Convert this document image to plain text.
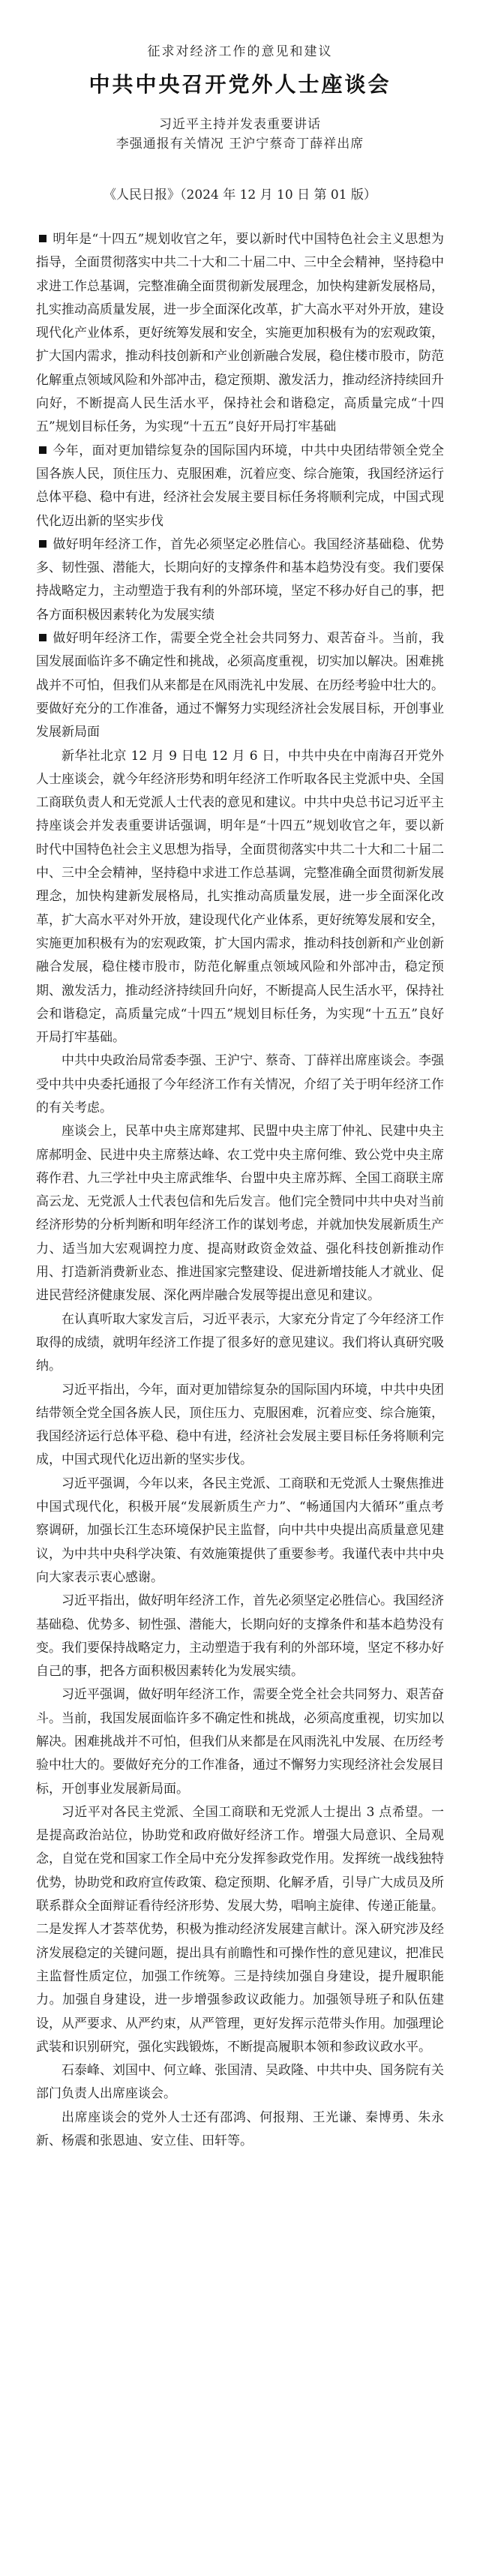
征求对经济工作的意见和建议

中共中央召开党外人士座谈会

习近平主持并发表重要讲话

李强通报有关情况 王沪宁蔡奇丁薛祥出席

《人民日报》（2024 年 12 月 10 日 第 01 版）

明年是“十四五”规划收官之年，要以新时代中国特色社会主义思想为指导，全面贯彻落实中共二十大和二十届二中、三中全会精神，坚持稳中求进工作总基调，完整准确全面贯彻新发展理念，加快构建新发展格局，扎实推动高质量发展，进一步全面深化改革，扩大高水平对外开放，建设现代化产业体系，更好统筹发展和安全，实施更加积极有为的宏观政策，扩大国内需求，推动科技创新和产业创新融合发展，稳住楼市股市，防范化解重点领域风险和外部冲击，稳定预期、激发活力，推动经济持续回升向好，不断提高人民生活水平，保持社会和谐稳定，高质量完成“十四五”规划目标任务，为实现“十五五”良好开局打牢基础

今年，面对更加错综复杂的国际国内环境，中共中央团结带领全党全国各族人民，顶住压力、克服困难，沉着应变、综合施策，我国经济运行总体平稳、稳中有进，经济社会发展主要目标任务将顺利完成，中国式现代化迈出新的坚实步伐

做好明年经济工作，首先必须坚定必胜信心。我国经济基础稳、优势多、韧性强、潜能大，长期向好的支撑条件和基本趋势没有变。我们要保持战略定力，主动塑造于我有利的外部环境，坚定不移办好自己的事，把各方面积极因素转化为发展实绩

做好明年经济工作，需要全党全社会共同努力、艰苦奋斗。当前，我国发展面临许多不确定性和挑战，必须高度重视，切实加以解决。困难挑战并不可怕，但我们从来都是在风雨洗礼中发展、在历经考验中壮大的。要做好充分的工作准备，通过不懈努力实现经济社会发展目标，开创事业发展新局面

新华社北京 12 月 9 日电 12 月 6 日，中共中央在中南海召开党外人士座谈会，就今年经济形势和明年经济工作听取各民主党派中央、全国工商联负责人和无党派人士代表的意见和建议。中共中央总书记习近平主持座谈会并发表重要讲话强调，明年是“十四五”规划收官之年，要以新时代中国特色社会主义思想为指导，全面贯彻落实中共二十大和二十届二中、三中全会精神，坚持稳中求进工作总基调，完整准确全面贯彻新发展理念，加快构建新发展格局，扎实推动高质量发展，进一步全面深化改革，扩大高水平对外开放，建设现代化产业体系，更好统筹发展和安全，实施更加积极有为的宏观政策，扩大国内需求，推动科技创新和产业创新融合发展，稳住楼市股市，防范化解重点领域风险和外部冲击，稳定预期、激发活力，推动经济持续回升向好，不断提高人民生活水平，保持社会和谐稳定，高质量完成“十四五”规划目标任务，为实现“十五五”良好开局打牢基础。

中共中央政治局常委李强、王沪宁、蔡奇、丁薛祥出席座谈会。李强受中共中央委托通报了今年经济工作有关情况，介绍了关于明年经济工作的有关考虑。

座谈会上，民革中央主席郑建邦、民盟中央主席丁仲礼、民建中央主席郝明金、民进中央主席蔡达峰、农工党中央主席何维、致公党中央主席蒋作君、九三学社中央主席武维华、台盟中央主席苏辉、全国工商联主席高云龙、无党派人士代表包信和先后发言。他们完全赞同中共中央对当前经济形势的分析判断和明年经济工作的谋划考虑，并就加快发展新质生产力、适当加大宏观调控力度、提高财政资金效益、强化科技创新推动作用、打造新消费新业态、推进国家完整建设、促进新增技能人才就业、促进民营经济健康发展、深化两岸融合发展等提出意见和建议。

在认真听取大家发言后，习近平表示，大家充分肯定了今年经济工作取得的成绩，就明年经济工作提了很多好的意见建议。我们将认真研究吸纳。

习近平指出，今年，面对更加错综复杂的国际国内环境，中共中央团结带领全党全国各族人民，顶住压力、克服困难，沉着应变、综合施策，我国经济运行总体平稳、稳中有进，经济社会发展主要目标任务将顺利完成，中国式现代化迈出新的坚实步伐。

习近平强调，今年以来，各民主党派、工商联和无党派人士聚焦推进中国式现代化，积极开展“发展新质生产力”、“畅通国内大循环”重点考察调研，加强长江生态环境保护民主监督，向中共中央提出高质量意见建议，为中共中央科学决策、有效施策提供了重要参考。我谨代表中共中央向大家表示衷心感谢。

习近平指出，做好明年经济工作，首先必须坚定必胜信心。我国经济基础稳、优势多、韧性强、潜能大，长期向好的支撑条件和基本趋势没有变。我们要保持战略定力，主动塑造于我有利的外部环境，坚定不移办好自己的事，把各方面积极因素转化为发展实绩。

习近平强调，做好明年经济工作，需要全党全社会共同努力、艰苦奋斗。当前，我国发展面临许多不确定性和挑战，必须高度重视，切实加以解决。困难挑战并不可怕，但我们从来都是在风雨洗礼中发展、在历经考验中壮大的。要做好充分的工作准备，通过不懈努力实现经济社会发展目标，开创事业发展新局面。

习近平对各民主党派、全国工商联和无党派人士提出 3 点希望。一是提高政治站位，协助党和政府做好经济工作。增强大局意识、全局观念，自觉在党和国家工作全局中充分发挥参政党作用。发挥统一战线独特优势，协助党和政府宣传政策、稳定预期、化解矛盾，引导广大成员及所联系群众全面辩证看待经济形势、发展大势，唱响主旋律、传递正能量。二是发挥人才荟萃优势，积极为推动经济发展建言献计。深入研究涉及经济发展稳定的关键问题，提出具有前瞻性和可操作性的意见建议，把准民主监督性质定位，加强工作统筹。三是持续加强自身建设，提升履职能力。加强自身建设，进一步增强参政议政能力。加强领导班子和队伍建设，从严要求、从严约束，从严管理，更好发挥示范带头作用。加强理论武装和识别研究，强化实践锻炼，不断提高履职本领和参政议政水平。

石泰峰、刘国中、何立峰、张国清、吴政隆、中共中央、国务院有关部门负责人出席座谈会。

出席座谈会的党外人士还有邵鸿、何报翔、王光谦、秦博勇、朱永新、杨震和张恩迪、安立佳、田轩等。
